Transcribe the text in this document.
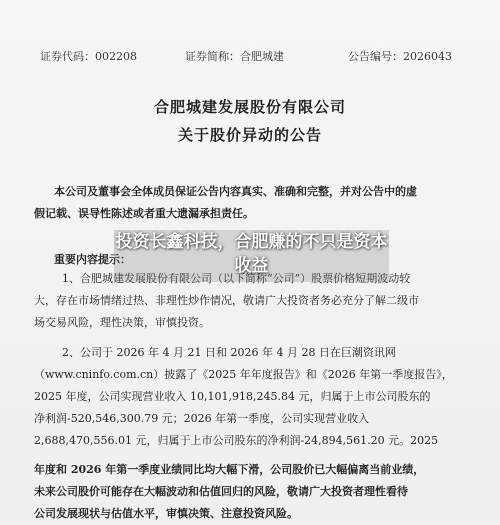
证券代码：002208	证券简称：合肥城建	公告编号：2026043
合肥城建发展股份有限公司
关于股价异动的公告
本公司及董事会全体成员保证公告内容真实、准确和完整，并对公告中的虚
假记载、误导性陈述或者重大遗漏承担责任。
重要内容提示：
1、合肥城建发展股份有限公司（以下简称“公司”）股票价格短期波动较
大，存在市场情绪过热、非理性炒作情况，敬请广大投资者务必充分了解二级市
场交易风险，理性决策，审慎投资。
2、公司于 2026 年 4 月 21 日和 2026 年 4 月 28 日在巨潮资讯网
（www.cninfo.com.cn）披露了《2025 年年度报告》和《2026 年第一季度报告》，
2025 年度，公司实现营业收入 10,101,918,245.84 元，归属于上市公司股东的
净利润-520,546,300.79 元；2026 年第一季度，公司实现营业收入
2,688,470,556.01 元，归属于上市公司股东的净利润-24,894,561.20 元。2025
年度和 2026 年第一季度业绩同比均大幅下滑，公司股价已大幅偏离当前业绩，
未来公司股价可能存在大幅波动和估值回归的风险，敬请广大投资者理性看待
公司发展现状与估值水平，审慎决策、注意投资风险。
投资长鑫科技，合肥赚的不只是资本
收益
